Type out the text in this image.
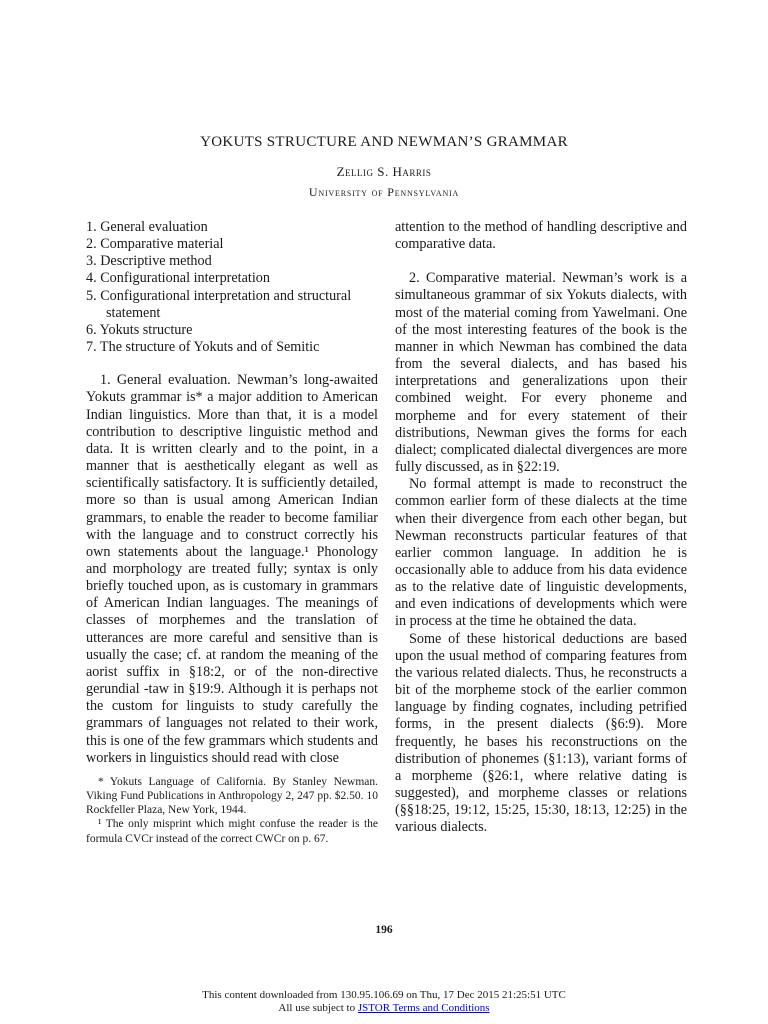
YOKUTS STRUCTURE AND NEWMAN’S GRAMMAR
Zellig S. Harris
University of Pennsylvania
1. General evaluation
2. Comparative material
3. Descriptive method
4. Configurational interpretation
5. Configurational interpretation and structural statement
6. Yokuts structure
7. The structure of Yokuts and of Semitic

1. General evaluation. Newman’s long-awaited Yokuts grammar is* a major addition to American Indian linguistics. More than that, it is a model contribution to descriptive linguistic method and data. It is written clearly and to the point, in a manner that is aesthetically elegant as well as scientifically satisfactory. It is sufficiently detailed, more so than is usual among American Indian grammars, to enable the reader to become familiar with the language and to construct correctly his own statements about the language.¹ Phonology and morphology are treated fully; syntax is only briefly touched upon, as is customary in grammars of American Indian languages. The meanings of classes of morphemes and the translation of utterances are more careful and sensitive than is usually the case; cf. at random the meaning of the aorist suffix in §18:2, or of the non-directive gerundial -taw in §19:9. Although it is perhaps not the custom for linguists to study carefully the grammars of languages not related to their work, this is one of the few grammars which students and workers in linguistics should read with close

* Yokuts Language of California. By Stanley Newman. Viking Fund Publications in Anthropology 2, 247 pp. $2.50. 10 Rockfeller Plaza, New York, 1944.
¹ The only misprint which might confuse the reader is the formula CVCr instead of the correct CWCr on p. 67.

attention to the method of handling descriptive and comparative data.

2. Comparative material. Newman’s work is a simultaneous grammar of six Yokuts dialects, with most of the material coming from Yawelmani. One of the most interesting features of the book is the manner in which Newman has combined the data from the several dialects, and has based his interpretations and generalizations upon their combined weight. For every phoneme and morpheme and for every statement of their distributions, Newman gives the forms for each dialect; complicated dialectal divergences are more fully discussed, as in §22:19.

No formal attempt is made to reconstruct the common earlier form of these dialects at the time when their divergence from each other began, but Newman reconstructs particular features of that earlier common language. In addition he is occasionally able to adduce from his data evidence as to the relative date of linguistic developments, and even indications of developments which were in process at the time he obtained the data.

Some of these historical deductions are based upon the usual method of comparing features from the various related dialects. Thus, he reconstructs a bit of the morpheme stock of the earlier common language by finding cognates, including petrified forms, in the present dialects (§6:9). More frequently, he bases his reconstructions on the distribution of phonemes (§1:13), variant forms of a morpheme (§26:1, where relative dating is suggested), and morpheme classes or relations (§§18:25, 19:12, 15:25, 15:30, 18:13, 12:25) in the various dialects.

196
This content downloaded from 130.95.106.69 on Thu, 17 Dec 2015 21:25:51 UTC
All use subject to JSTOR Terms and Conditions
